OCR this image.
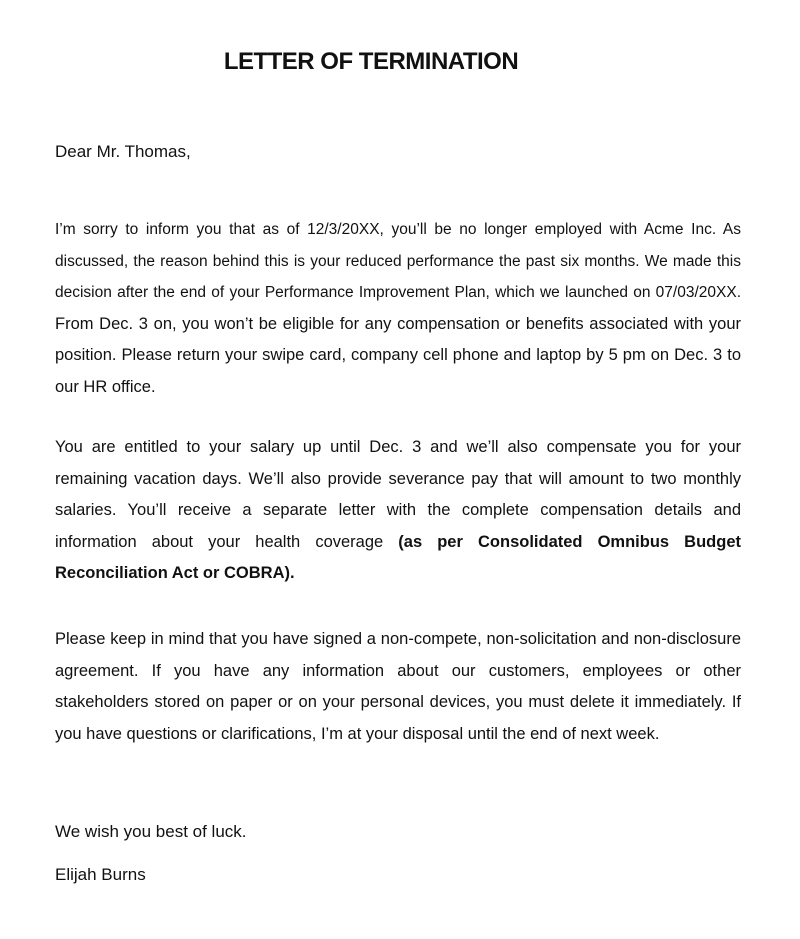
LETTER OF TERMINATION

Dear Mr. Thomas,

I’m sorry to inform you that as of 12/3/20XX, you’ll be no longer employed with Acme Inc. As discussed, the reason behind this is your reduced performance the past six months. We made this decision after the end of your Performance Improvement Plan, which we launched on 07/03/20XX. From Dec. 3 on, you won’t be eligible for any compensation or benefits associated with your position. Please return your swipe card, company cell phone and laptop by 5 pm on Dec. 3 to our HR office.

You are entitled to your salary up until Dec. 3 and we’ll also compensate you for your remaining vacation days. We’ll also provide severance pay that will amount to two monthly salaries. You’ll receive a separate letter with the complete compensation details and information about your health coverage (as per Consolidated Omnibus Budget Reconciliation Act or COBRA).

Please keep in mind that you have signed a non-compete, non-solicitation and non-disclosure agreement. If you have any information about our customers, employees or other stakeholders stored on paper or on your personal devices, you must delete it immediately. If you have questions or clarifications, I’m at your disposal until the end of next week.

We wish you best of luck.

Elijah Burns
